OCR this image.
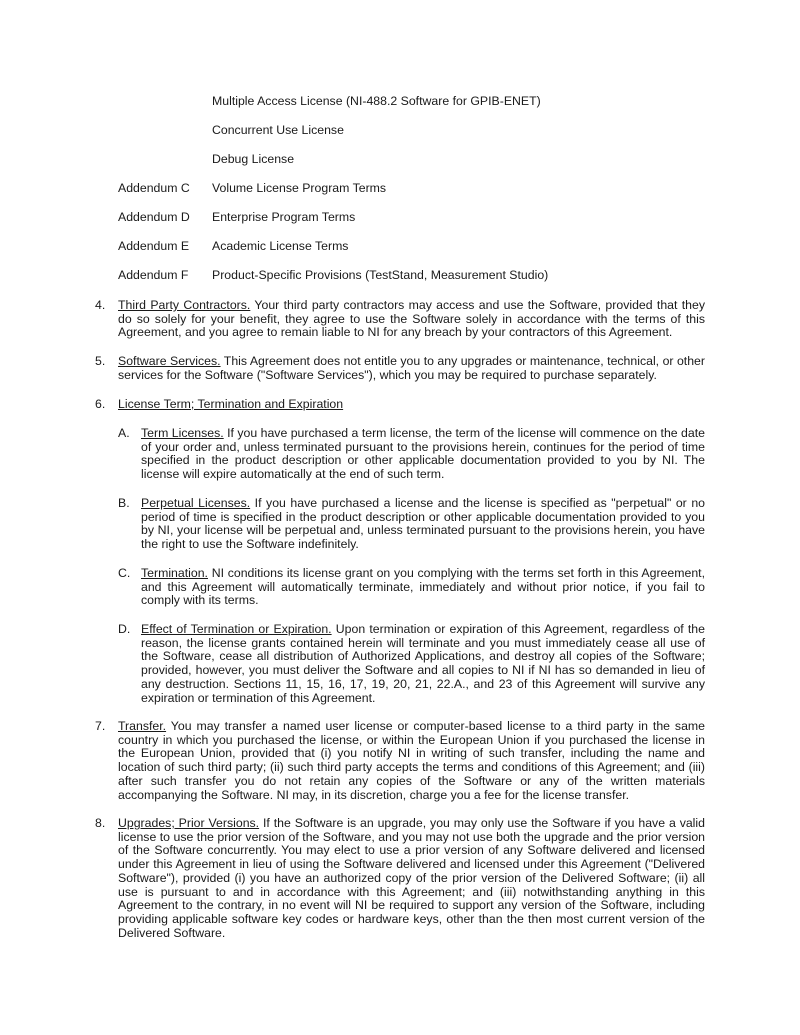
Multiple Access License (NI-488.2 Software for GPIB-ENET)
Concurrent Use License
Debug License
Addendum C Volume License Program Terms
Addendum D Enterprise Program Terms
Addendum E Academic License Terms
Addendum F Product-Specific Provisions (TestStand, Measurement Studio)
4. Third Party Contractors. Your third party contractors may access and use the Software, provided that they do so solely for your benefit, they agree to use the Software solely in accordance with the terms of this Agreement, and you agree to remain liable to NI for any breach by your contractors of this Agreement.
5. Software Services. This Agreement does not entitle you to any upgrades or maintenance, technical, or other services for the Software ("Software Services"), which you may be required to purchase separately.
6. License Term; Termination and Expiration
A. Term Licenses. If you have purchased a term license, the term of the license will commence on the date of your order and, unless terminated pursuant to the provisions herein, continues for the period of time specified in the product description or other applicable documentation provided to you by NI. The license will expire automatically at the end of such term.
B. Perpetual Licenses. If you have purchased a license and the license is specified as "perpetual" or no period of time is specified in the product description or other applicable documentation provided to you by NI, your license will be perpetual and, unless terminated pursuant to the provisions herein, you have the right to use the Software indefinitely.
C. Termination. NI conditions its license grant on you complying with the terms set forth in this Agreement, and this Agreement will automatically terminate, immediately and without prior notice, if you fail to comply with its terms.
D. Effect of Termination or Expiration. Upon termination or expiration of this Agreement, regardless of the reason, the license grants contained herein will terminate and you must immediately cease all use of the Software, cease all distribution of Authorized Applications, and destroy all copies of the Software; provided, however, you must deliver the Software and all copies to NI if NI has so demanded in lieu of any destruction. Sections 11, 15, 16, 17, 19, 20, 21, 22.A., and 23 of this Agreement will survive any expiration or termination of this Agreement.
7. Transfer. You may transfer a named user license or computer-based license to a third party in the same country in which you purchased the license, or within the European Union if you purchased the license in the European Union, provided that (i) you notify NI in writing of such transfer, including the name and location of such third party; (ii) such third party accepts the terms and conditions of this Agreement; and (iii) after such transfer you do not retain any copies of the Software or any of the written materials accompanying the Software. NI may, in its discretion, charge you a fee for the license transfer.
8. Upgrades; Prior Versions. If the Software is an upgrade, you may only use the Software if you have a valid license to use the prior version of the Software, and you may not use both the upgrade and the prior version of the Software concurrently. You may elect to use a prior version of any Software delivered and licensed under this Agreement in lieu of using the Software delivered and licensed under this Agreement ("Delivered Software"), provided (i) you have an authorized copy of the prior version of the Delivered Software; (ii) all use is pursuant to and in accordance with this Agreement; and (iii) notwithstanding anything in this Agreement to the contrary, in no event will NI be required to support any version of the Software, including providing applicable software key codes or hardware keys, other than the then most current version of the Delivered Software.
